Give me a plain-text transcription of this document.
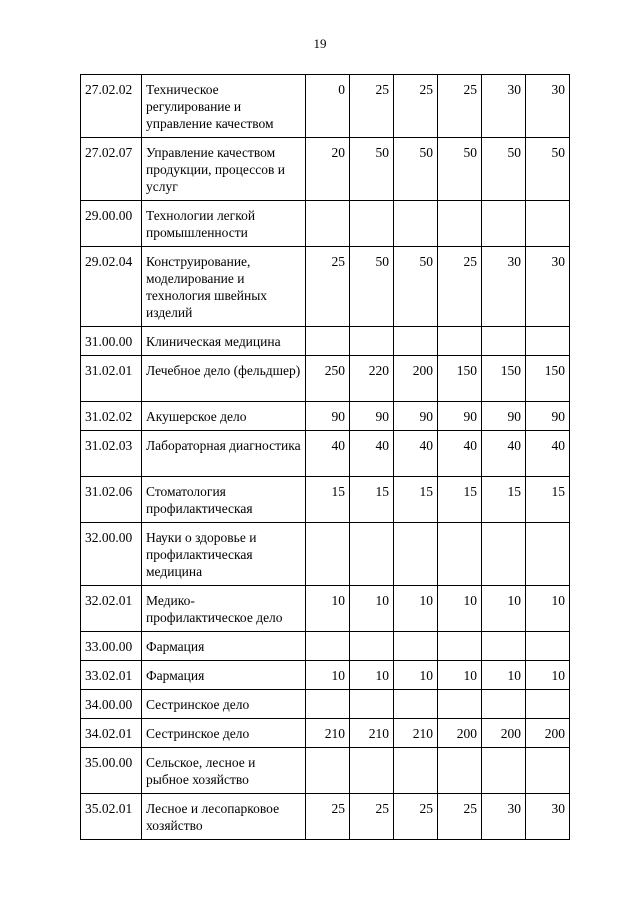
19
27.02.02	Техническое регулирование и управление качеством	0	25	25	25	30	30
27.02.07	Управление качеством продукции, процессов и услуг	20	50	50	50	50	50
29.00.00	Технологии легкой промышленности						
29.02.04	Конструирование, моделирование и технология швейных изделий	25	50	50	25	30	30
31.00.00	Клиническая медицина						
31.02.01	Лечебное дело (фельдшер)	250	220	200	150	150	150
31.02.02	Акушерское дело	90	90	90	90	90	90
31.02.03	Лабораторная диагностика	40	40	40	40	40	40
31.02.06	Стоматология профилактическая	15	15	15	15	15	15
32.00.00	Науки о здоровье и профилактическая медицина						
32.02.01	Медико-профилактическое дело	10	10	10	10	10	10
33.00.00	Фармация						
33.02.01	Фармация	10	10	10	10	10	10
34.00.00	Сестринское дело						
34.02.01	Сестринское дело	210	210	210	200	200	200
35.00.00	Сельское, лесное и рыбное хозяйство						
35.02.01	Лесное и лесопарковое хозяйство	25	25	25	25	30	30
